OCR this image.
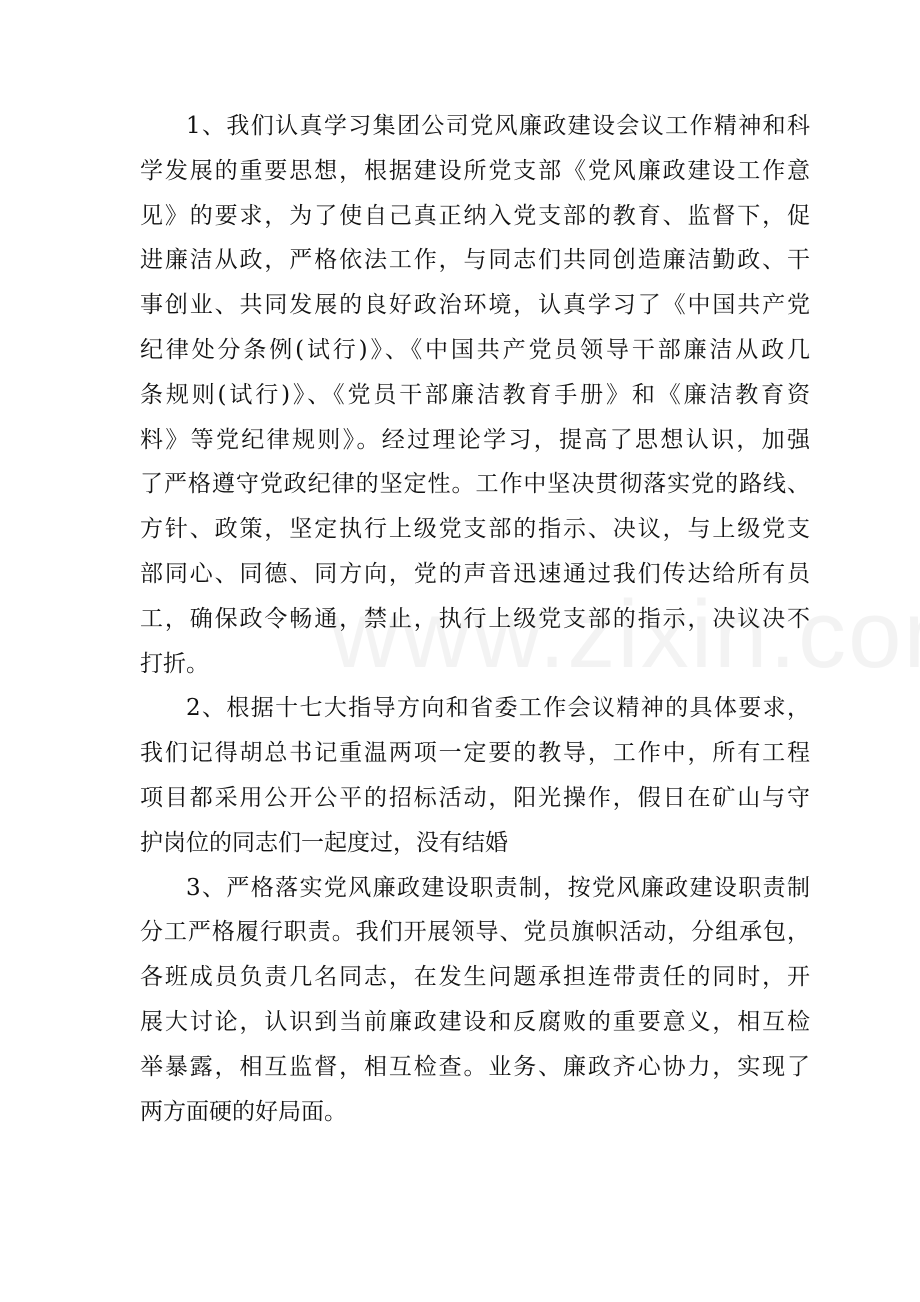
1、我们认真学习集团公司党风廉政建设会议工作精神和科
学发展的重要思想，根据建设所党支部《党风廉政建设工作意
见》的要求，为了使自己真正纳入党支部的教育、监督下，促
进廉洁从政，严格依法工作，与同志们共同创造廉洁勤政、干
事创业、共同发展的良好政治环境，认真学习了《中国共产党
纪律处分条例(试行)》、《中国共产党员领导干部廉洁从政几
条规则(试行)》、《党员干部廉洁教育手册》和《廉洁教育资
料》等党纪律规则》。经过理论学习，提高了思想认识，加强
了严格遵守党政纪律的坚定性。工作中坚决贯彻落实党的路线、
方针、政策，坚定执行上级党支部的指示、决议，与上级党支
部同心、同德、同方向，党的声音迅速通过我们传达给所有员
工，确保政令畅通，禁止，执行上级党支部的指示，决议决不
打折。
2、根据十七大指导方向和省委工作会议精神的具体要求，
我们记得胡总书记重温两项一定要的教导，工作中，所有工程
项目都采用公开公平的招标活动，阳光操作，假日在矿山与守
护岗位的同志们一起度过，没有结婚
3、严格落实党风廉政建设职责制，按党风廉政建设职责制
分工严格履行职责。我们开展领导、党员旗帜活动，分组承包，
各班成员负责几名同志，在发生问题承担连带责任的同时，开
展大讨论，认识到当前廉政建设和反腐败的重要意义，相互检
举暴露，相互监督，相互检查。业务、廉政齐心协力，实现了
两方面硬的好局面。
